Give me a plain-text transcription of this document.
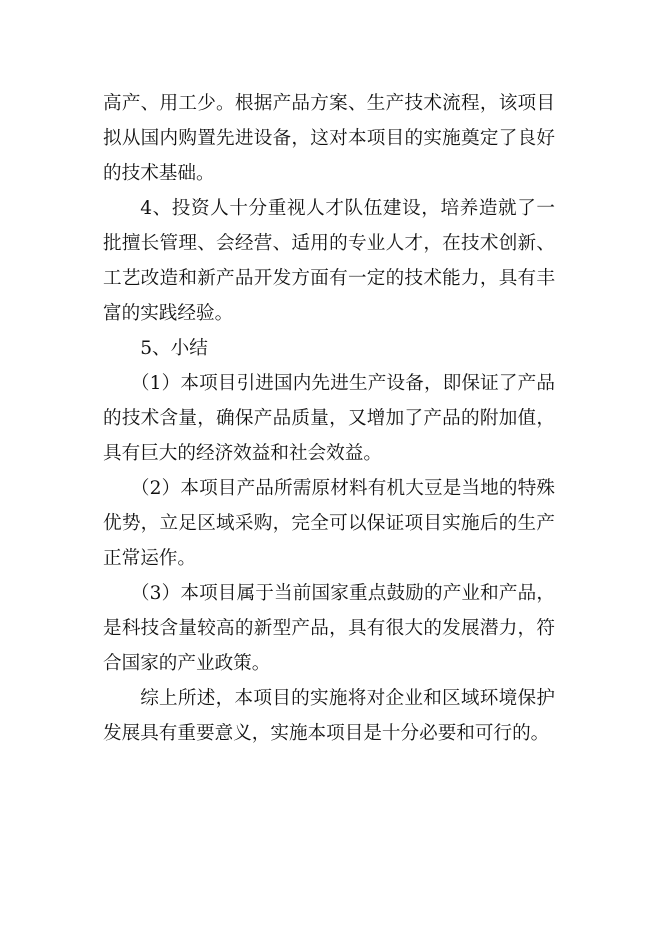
高产、用工少。根据产品方案、生产技术流程，该项目拟从国内购置先进设备，这对本项目的实施奠定了良好的技术基础。

4、投资人十分重视人才队伍建设，培养造就了一批擅长管理、会经营、适用的专业人才，在技术创新、工艺改造和新产品开发方面有一定的技术能力，具有丰富的实践经验。

5、小结

（1）本项目引进国内先进生产设备，即保证了产品的技术含量，确保产品质量，又增加了产品的附加值，具有巨大的经济效益和社会效益。

（2）本项目产品所需原材料有机大豆是当地的特殊优势，立足区域采购，完全可以保证项目实施后的生产正常运作。

（3）本项目属于当前国家重点鼓励的产业和产品，是科技含量较高的新型产品，具有很大的发展潜力，符合国家的产业政策。

综上所述，本项目的实施将对企业和区域环境保护发展具有重要意义，实施本项目是十分必要和可行的。
